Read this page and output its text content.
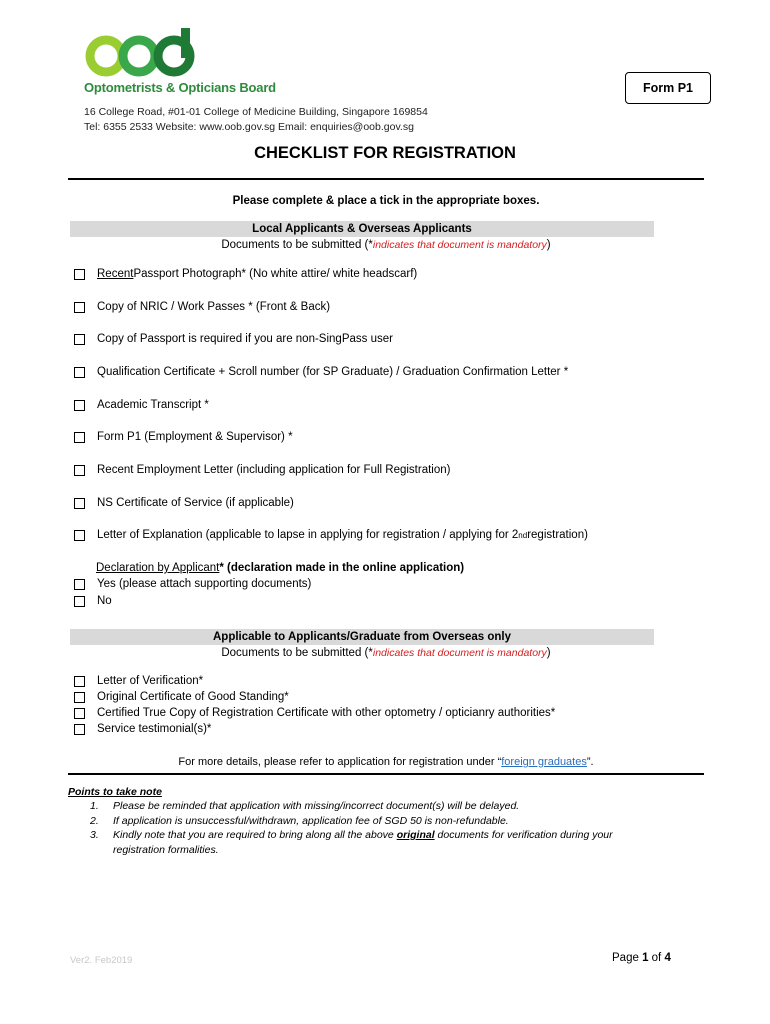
Optometrists & Opticians Board
16 College Road, #01-01 College of Medicine Building, Singapore 169854
Tel: 6355 2533 Website: www.oob.gov.sg Email: enquiries@oob.gov.sg
Form P1
CHECKLIST FOR REGISTRATION
Please complete & place a tick in the appropriate boxes.
Local Applicants & Overseas Applicants
Documents to be submitted (*indicates that document is mandatory)
Recent Passport Photograph* (No white attire/ white headscarf)
Copy of NRIC / Work Passes * (Front & Back)
Copy of Passport is required if you are non-SingPass user
Qualification Certificate + Scroll number (for SP Graduate) / Graduation Confirmation Letter *
Academic Transcript *
Form P1 (Employment & Supervisor) *
Recent Employment Letter (including application for Full Registration)
NS Certificate of Service (if applicable)
Letter of Explanation (applicable to lapse in applying for registration / applying for 2 nd registration)
Declaration by Applicant * (declaration made in the online application)
Yes (please attach supporting documents)
No
Applicable to Applicants/Graduate from Overseas only
Documents to be submitted (*indicates that document is mandatory)
Letter of Verification*
Original Certificate of Good Standing*
Certified True Copy of Registration Certificate with other optometry / opticianry authorities*
Service testimonial(s)*
For more details, please refer to application for registration under “foreign graduates”.
Points to take note
1.	Please be reminded that application with missing/incorrect document(s) will be delayed.
2.	If application is unsuccessful/withdrawn, application fee of SGD 50 is non-refundable.
3.	Kindly note that you are required to bring along all the above original documents for verification during your
registration formalities.
Ver2. Feb2019	Page 1 of 4
